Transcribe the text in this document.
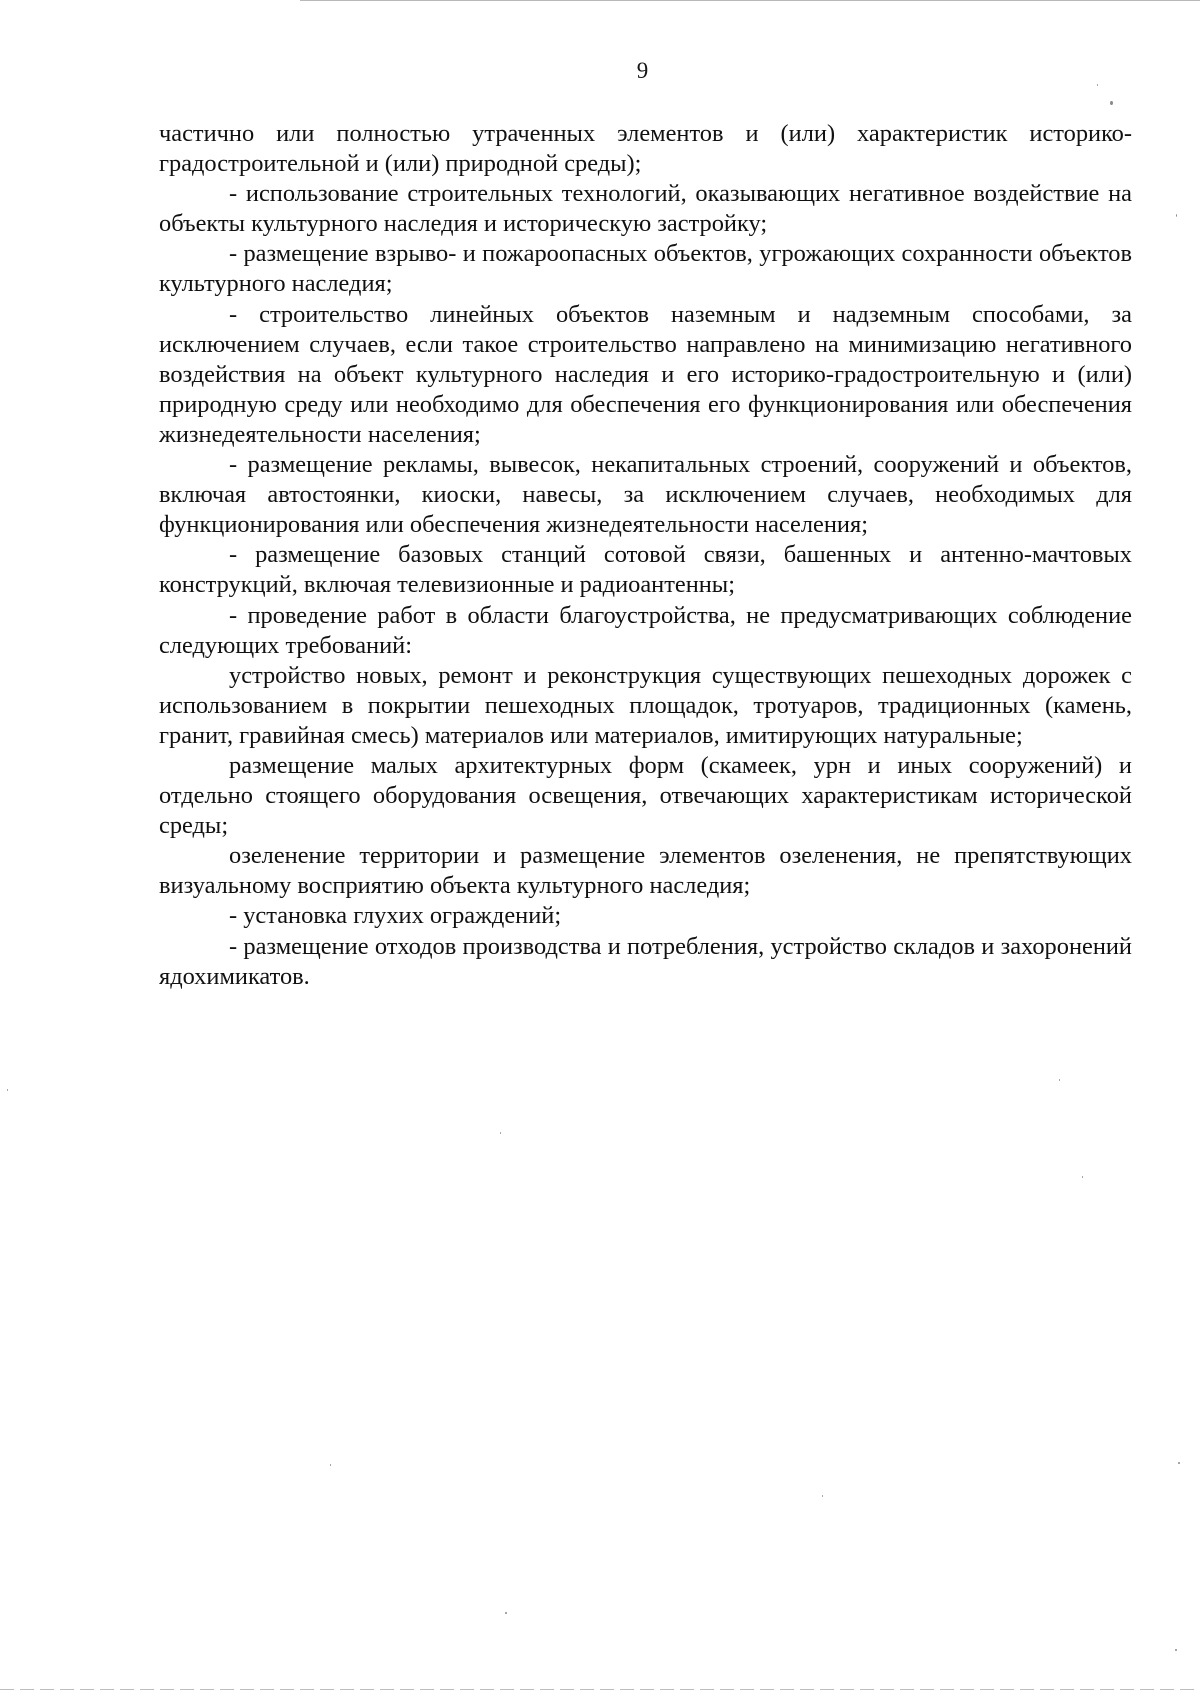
9

частично или полностью утраченных элементов и (или) характеристик историко-градостроительной и (или) природной среды);

- использование строительных технологий, оказывающих негативное воздействие на объекты культурного наследия и историческую застройку;

- размещение взрыво- и пожароопасных объектов, угрожающих сохранности объектов культурного наследия;

- строительство линейных объектов наземным и надземным способами, за исключением случаев, если такое строительство направлено на минимизацию негативного воздействия на объект культурного наследия и его историко-градостроительную и (или) природную среду или необходимо для обеспечения его функционирования или обеспечения жизнедеятельности населения;

- размещение рекламы, вывесок, некапитальных строений, сооружений и объектов, включая автостоянки, киоски, навесы, за исключением случаев, необходимых для функционирования или обеспечения жизнедеятельности населения;

- размещение базовых станций сотовой связи, башенных и антенно-мачтовых конструкций, включая телевизионные и радиоантенны;

- проведение работ в области благоустройства, не предусматривающих соблюдение следующих требований:

устройство новых, ремонт и реконструкция существующих пешеходных дорожек с использованием в покрытии пешеходных площадок, тротуаров, традиционных (камень, гранит, гравийная смесь) материалов или материалов, имитирующих натуральные;

размещение малых архитектурных форм (скамеек, урн и иных сооружений) и отдельно стоящего оборудования освещения, отвечающих характеристикам исторической среды;

озеленение территории и размещение элементов озеленения, не препятствующих визуальному восприятию объекта культурного наследия;

- установка глухих ограждений;

- размещение отходов производства и потребления, устройство складов и захоронений ядохимикатов.
